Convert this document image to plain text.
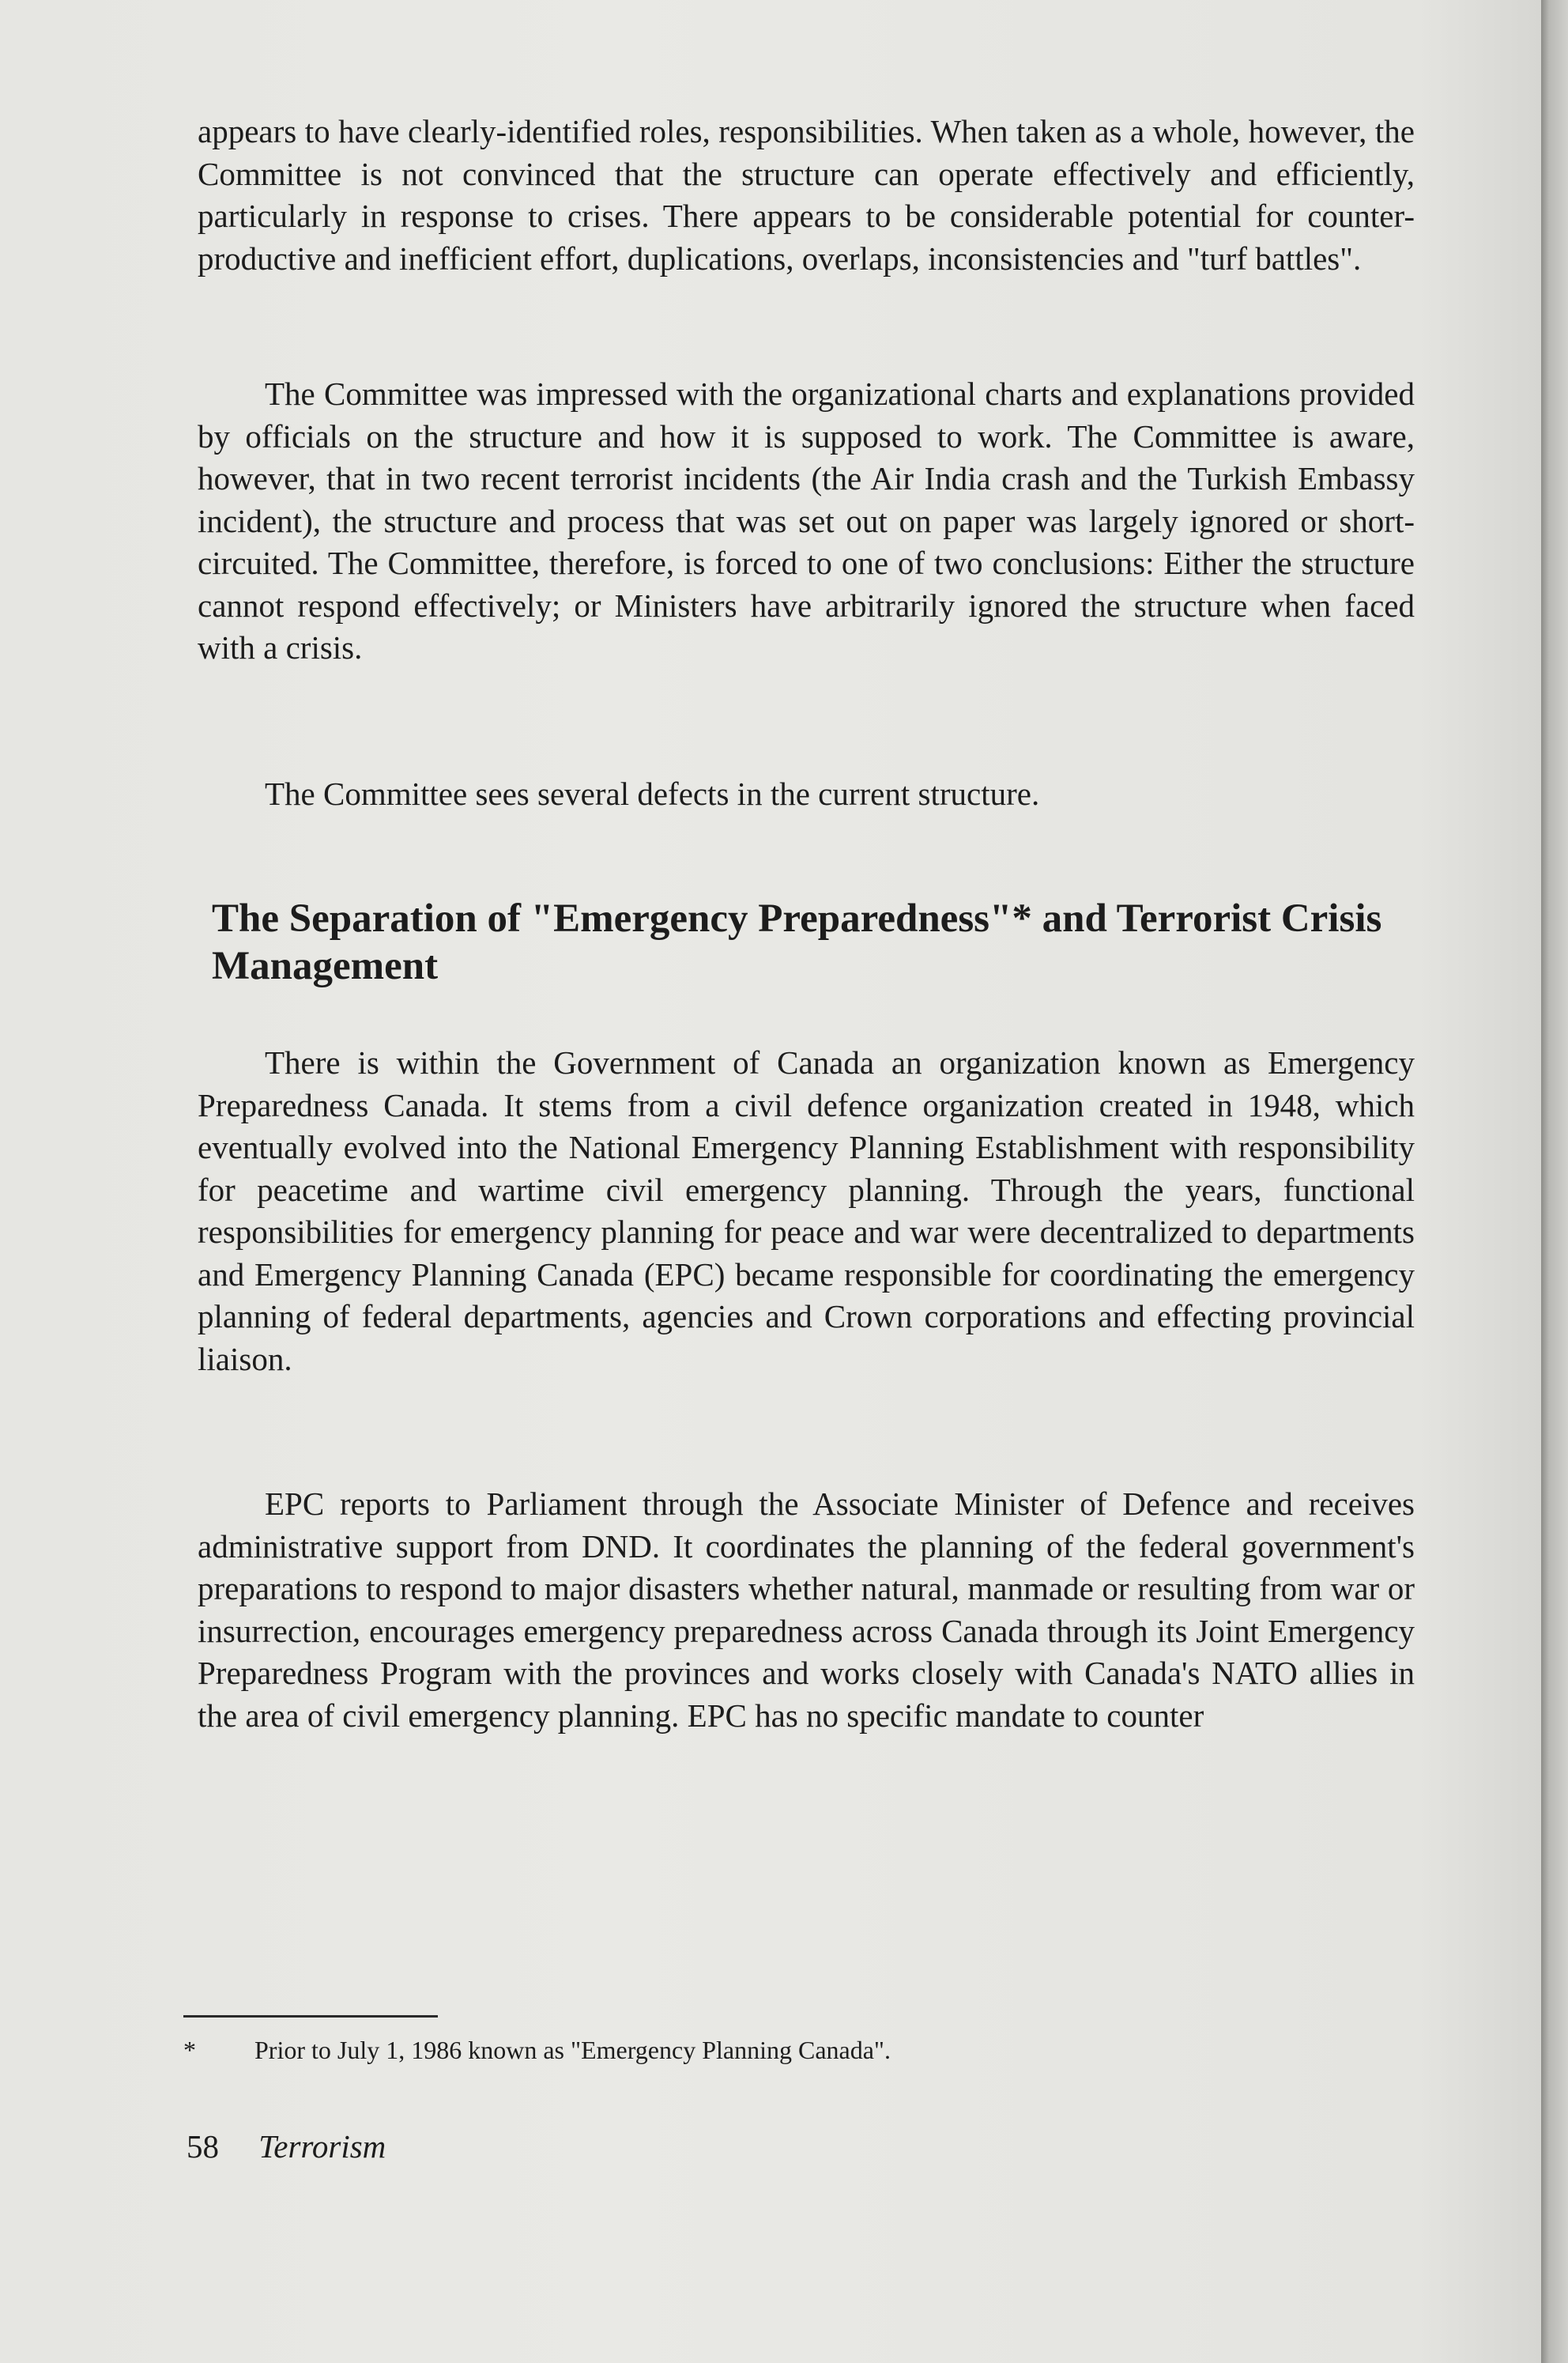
appears to have clearly-identified roles, responsibilities. When taken as a whole, however, the Committee is not convinced that the structure can operate effectively and efficiently, particularly in response to crises. There appears to be considerable potential for counter-productive and inefficient effort, duplications, overlaps, inconsistencies and "turf battles".

The Committee was impressed with the organizational charts and explanations provided by officials on the structure and how it is supposed to work. The Committee is aware, however, that in two recent terrorist incidents (the Air India crash and the Turkish Embassy incident), the structure and process that was set out on paper was largely ignored or short-circuited. The Committee, therefore, is forced to one of two conclusions: Either the structure cannot respond effectively; or Ministers have arbitrarily ignored the structure when faced with a crisis.

The Committee sees several defects in the current structure.

The Separation of "Emergency Preparedness"* and Terrorist Crisis Management

There is within the Government of Canada an organization known as Emergency Preparedness Canada. It stems from a civil defence organization created in 1948, which eventually evolved into the National Emergency Planning Establishment with responsibility for peacetime and wartime civil emergency planning. Through the years, functional responsibilities for emergency planning for peace and war were decentralized to departments and Emergency Planning Canada (EPC) became responsible for coordinating the emergency planning of federal departments, agencies and Crown corporations and effecting provincial liaison.

EPC reports to Parliament through the Associate Minister of Defence and receives administrative support from DND. It coordinates the planning of the federal government's preparations to respond to major disasters whether natural, manmade or resulting from war or insurrection, encourages emergency preparedness across Canada through its Joint Emergency Preparedness Program with the provinces and works closely with Canada's NATO allies in the area of civil emergency planning. EPC has no specific mandate to counter

* Prior to July 1, 1986 known as "Emergency Planning Canada".

58 Terrorism
